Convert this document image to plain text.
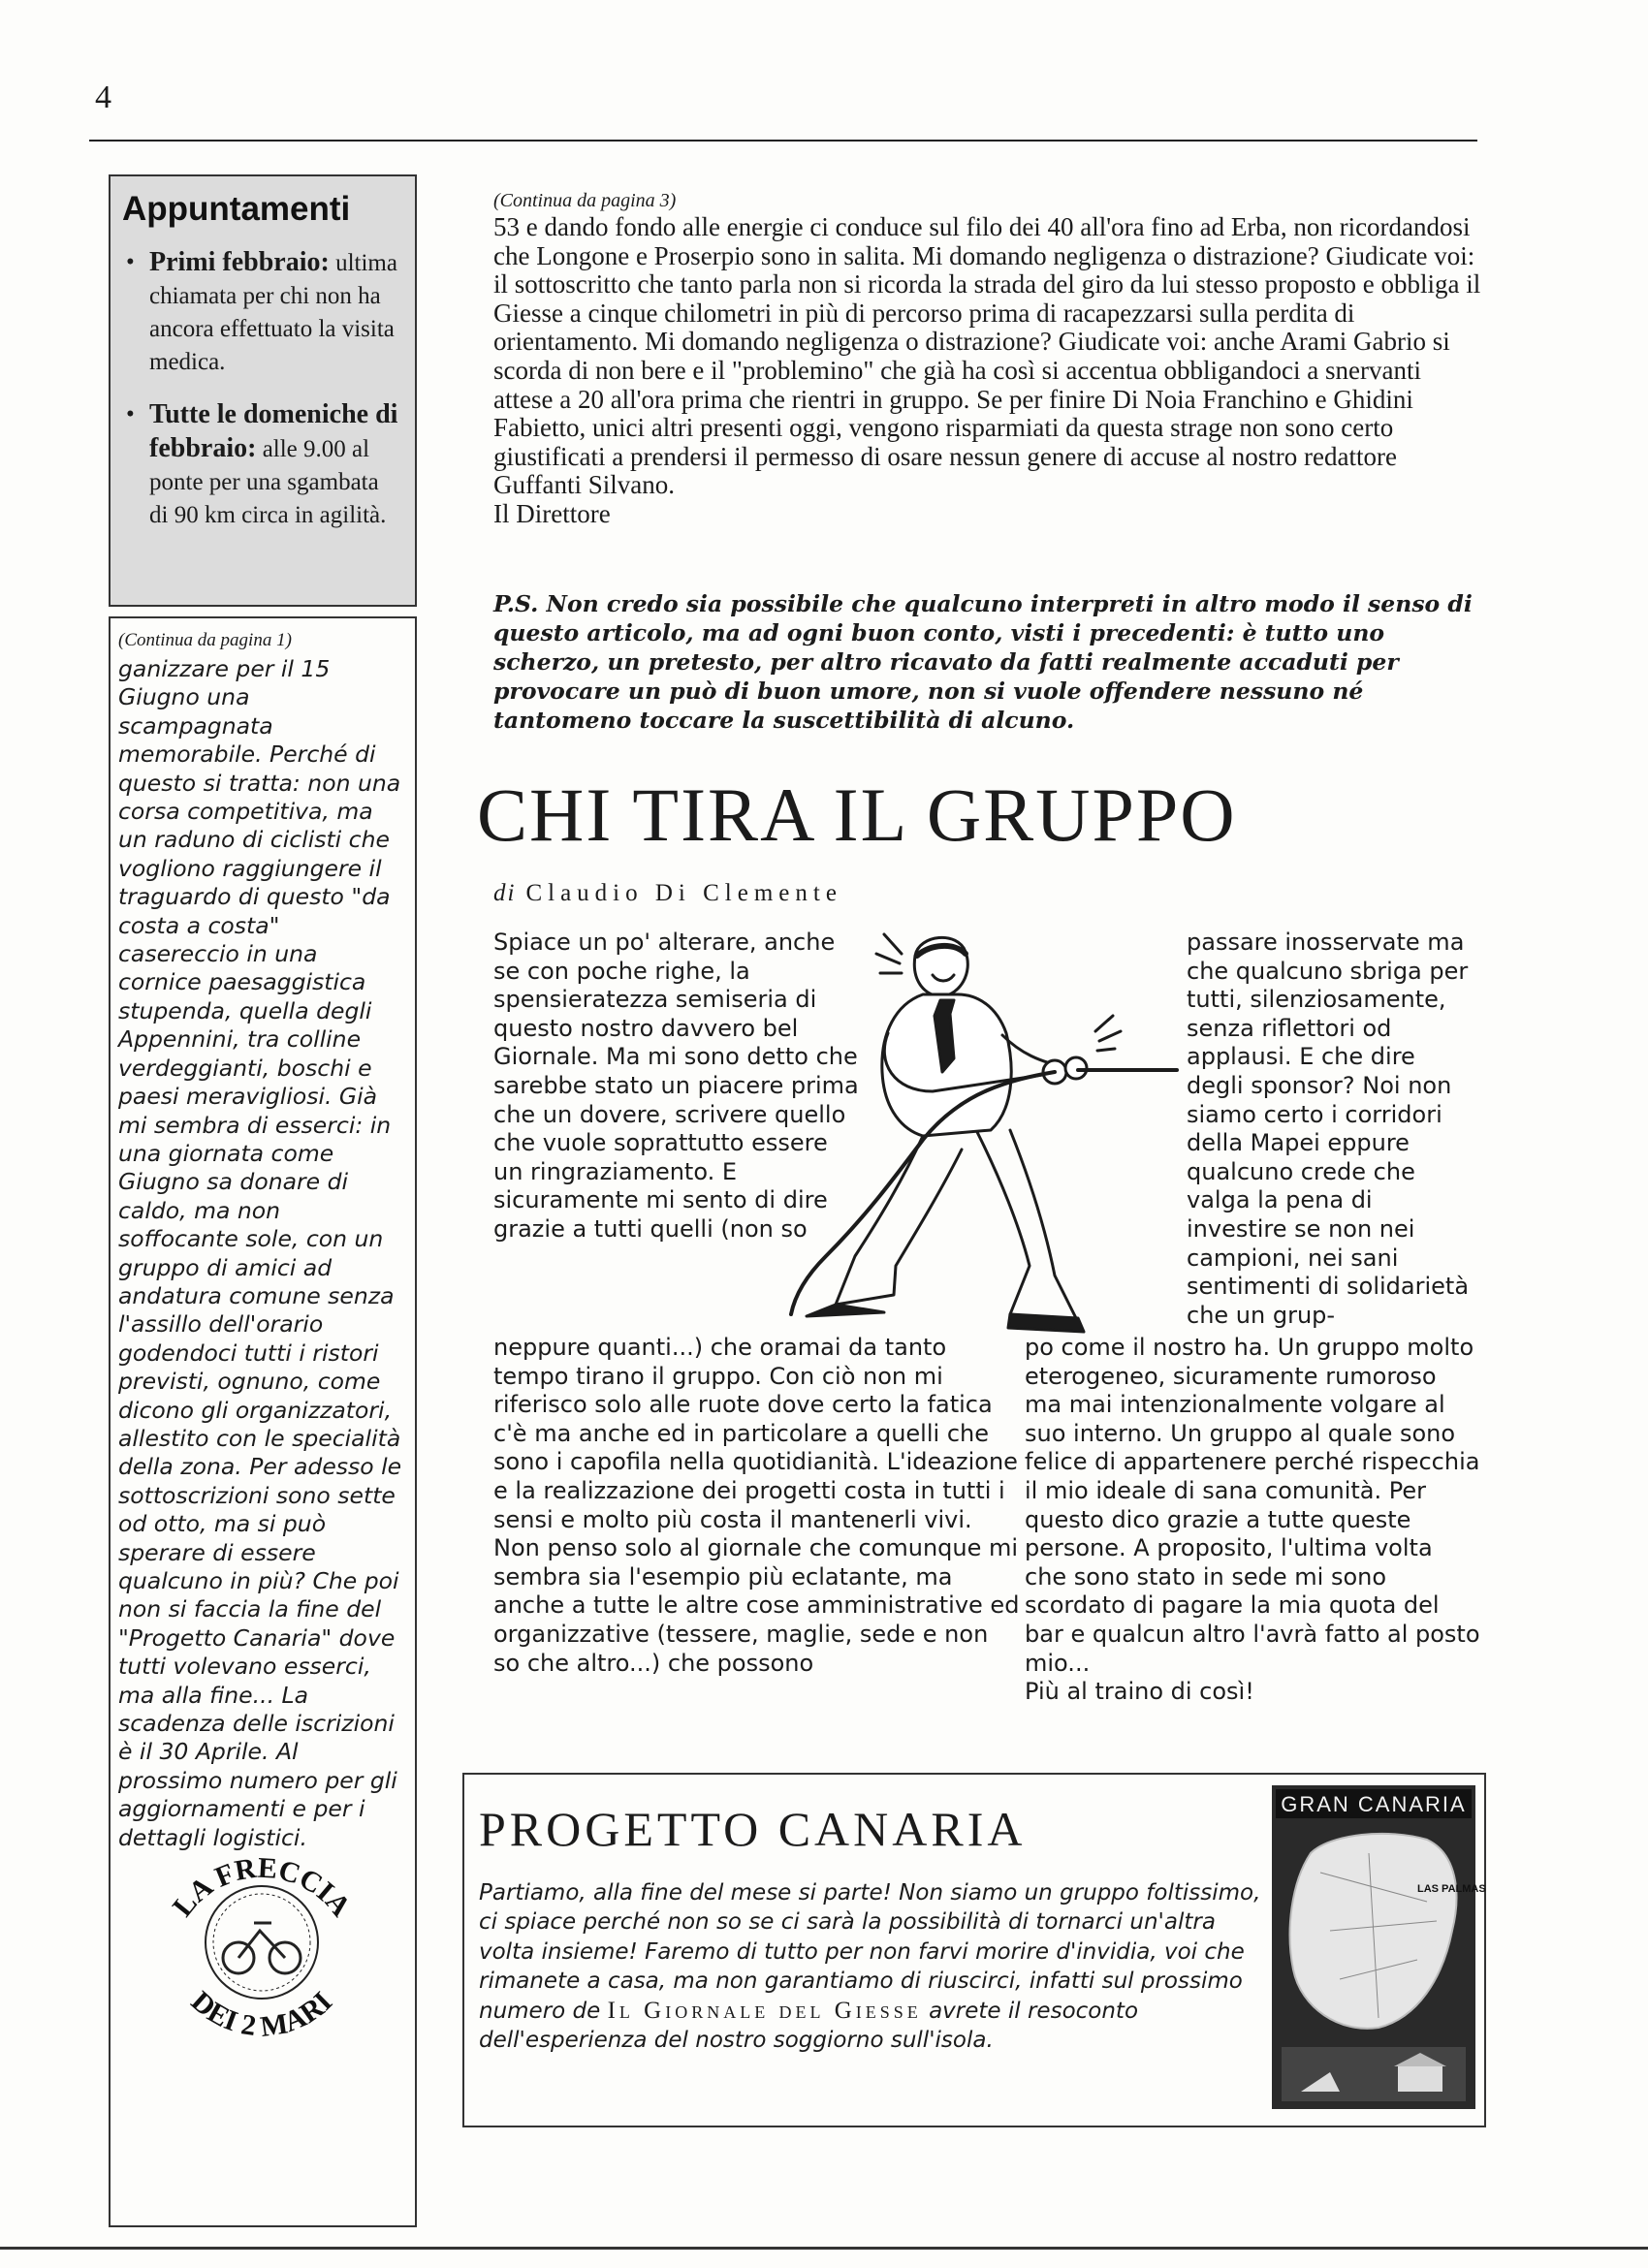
4
Appuntamenti
• Primi febbraio: ultima chiamata per chi non ha ancora effettuato la visita medica.
• Tutte le domeniche di febbraio: alle 9.00 al ponte per una sgambata di 90 km circa in agilità.
(Continua da pagina 1)
ganizzare per il 15 Giugno una scampagnata memorabile. Perché di questo si tratta: non una corsa competitiva, ma un raduno di ciclisti che vogliono raggiungere il traguardo di questo "da costa a costa" casereccio in una cornice paesaggistica stupenda, quella degli Appennini, tra colline verdeggianti, boschi e paesi meravigliosi. Già mi sembra di esserci: in una giornata come Giugno sa donare di caldo, ma non soffocante sole, con un gruppo di amici ad andatura comune senza l'assillo dell'orario godendoci tutti i ristori previsti, ognuno, come dicono gli organizzatori, allestito con le specialità della zona. Per adesso le sottoscrizioni sono sette od otto, ma si può sperare di essere qualcuno in più? Che poi non si faccia la fine del "Progetto Canaria" dove tutti volevano esserci, ma alla fine... La scadenza delle iscrizioni è il 30 Aprile. Al prossimo numero per gli aggiornamenti e per i dettagli logistici.
LA FRECCIA
DEI 2 MARI
(Continua da pagina 3)
53 e dando fondo alle energie ci conduce sul filo dei 40 all'ora fino ad Erba, non ricordandosi che Longone e Proserpio sono in salita. Mi domando negligenza o distrazione? Giudicate voi: il sottoscritto che tanto parla non si ricorda la strada del giro da lui stesso proposto e obbliga il Giesse a cinque chilometri in più di percorso prima di racapezzarsi sulla perdita di orientamento. Mi domando negligenza o distrazione? Giudicate voi: anche Arami Gabrio si scorda di non bere e il "problemino" che già ha così si accentua obbligandoci a snervanti attese a 20 all'ora prima che rientri in gruppo. Se per finire Di Noia Franchino e Ghidini Fabietto, unici altri presenti oggi, vengono risparmiati da questa strage non sono certo giustificati a prendersi il permesso di osare nessun genere di accuse al nostro redattore Guffanti Silvano.
Il Direttore
P.S. Non credo sia possibile che qualcuno interpreti in altro modo il senso di questo articolo, ma ad ogni buon conto, visti i precedenti: è tutto uno scherzo, un pretesto, per altro ricavato da fatti realmente accaduti per provocare un può di buon umore, non si vuole offendere nessuno né tantomeno toccare la suscettibilità di alcuno.
CHI TIRA IL GRUPPO
di Claudio Di Clemente
Spiace un po' alterare, anche se con poche righe, la spensieratezza semiseria di questo nostro davvero bel Giornale. Ma mi sono detto che sarebbe stato un piacere prima che un dovere, scrivere quello che vuole soprattutto essere un ringraziamento. E sicuramente mi sento di dire grazie a tutti quelli (non so
neppure quanti...) che oramai da tanto tempo tirano il gruppo. Con ciò non mi riferisco solo alle ruote dove certo la fatica c'è ma anche ed in particolare a quelli che sono i capofila nella quotidianità. L'ideazione e la realizzazione dei progetti costa in tutti i sensi e molto più costa il mantenerli vivi. Non penso solo al giornale che comunque mi sembra sia l'esempio più eclatante, ma anche a tutte le altre cose amministrative ed organizzative (tessere, maglie, sede e non so che altro...) che possono
passare inosservate ma che qualcuno sbriga per tutti, silenziosamente, senza riflettori od applausi. E che dire degli sponsor? Noi non siamo certo i corridori della Mapei eppure qualcuno crede che valga la pena di investire se non nei campioni, nei sani sentimenti di solidarietà che un grup-
po come il nostro ha. Un gruppo molto eterogeneo, sicuramente rumoroso ma mai intenzionalmente volgare al suo interno. Un gruppo al quale sono felice di appartenere perché rispecchia il mio ideale di sana comunità. Per questo dico grazie a tutte queste persone. A proposito, l'ultima volta che sono stato in sede mi sono scordato di pagare la mia quota del bar e qualcun altro l'avrà fatto al posto mio...
Più al traino di così!
PROGETTO CANARIA
Partiamo, alla fine del mese si parte! Non siamo un gruppo foltissimo, ci spiace perché non so se ci sarà la possibilità di tornarci un'altra volta insieme! Faremo di tutto per non farvi morire d'invidia, voi che rimanete a casa, ma non garantiamo di riuscirci, infatti sul prossimo numero de Il Giornale del Giesse avrete il resoconto dell'esperienza del nostro soggiorno sull'isola.
GRAN CANARIA
LAS PALMAS
